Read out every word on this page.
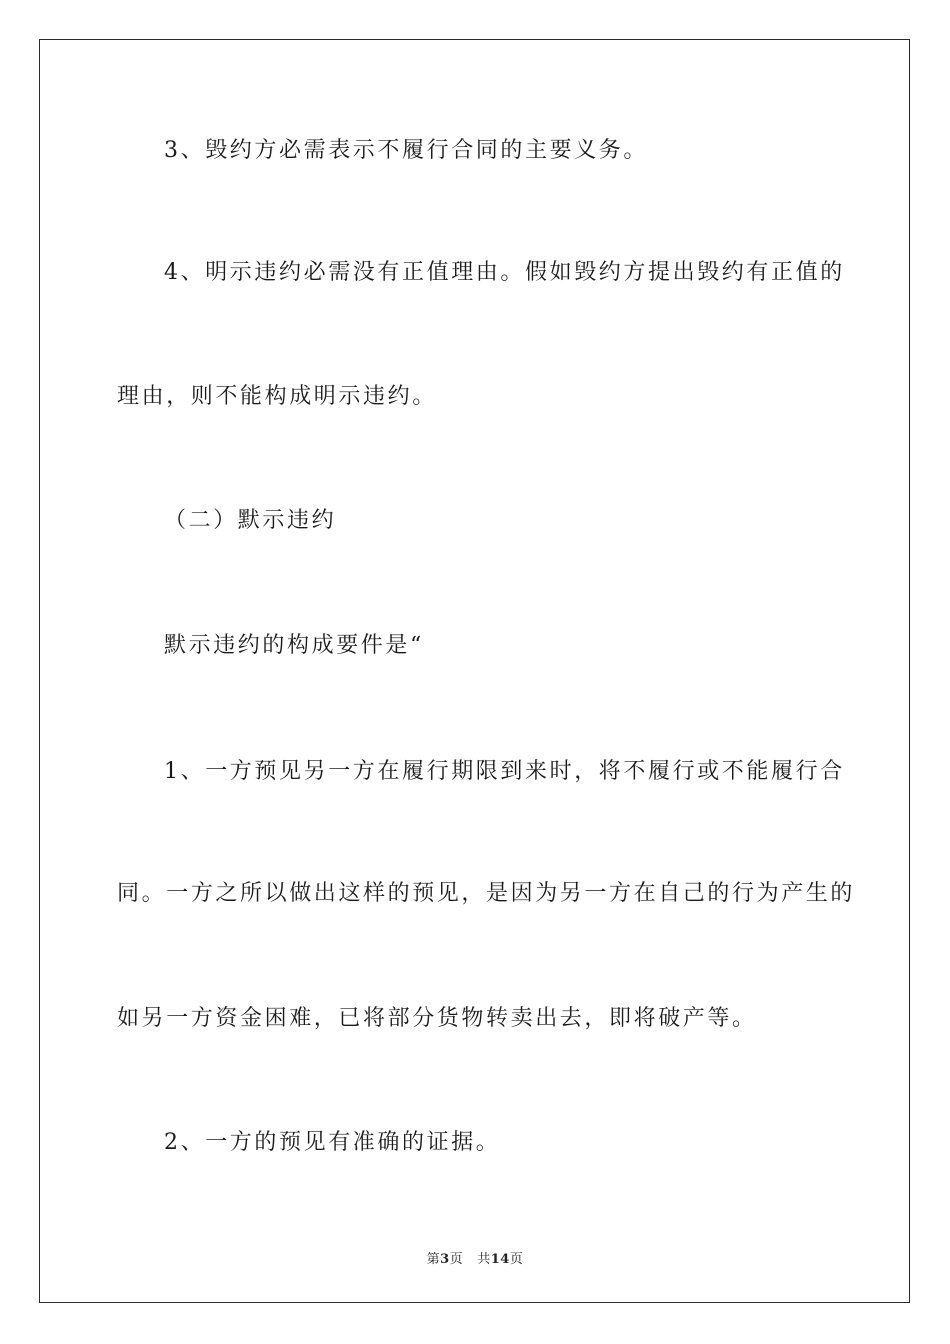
3、毁约方必需表示不履行合同的主要义务。
4、明示违约必需没有正值理由。假如毁约方提出毁约有正值的
理由，则不能构成明示违约。
（二）默示违约
默示违约的构成要件是“
1、一方预见另一方在履行期限到来时，将不履行或不能履行合
同。一方之所以做出这样的预见，是因为另一方在自己的行为产生的
如另一方资金困难，已将部分货物转卖出去，即将破产等。
2、一方的预见有准确的证据。
第3页 共14页
